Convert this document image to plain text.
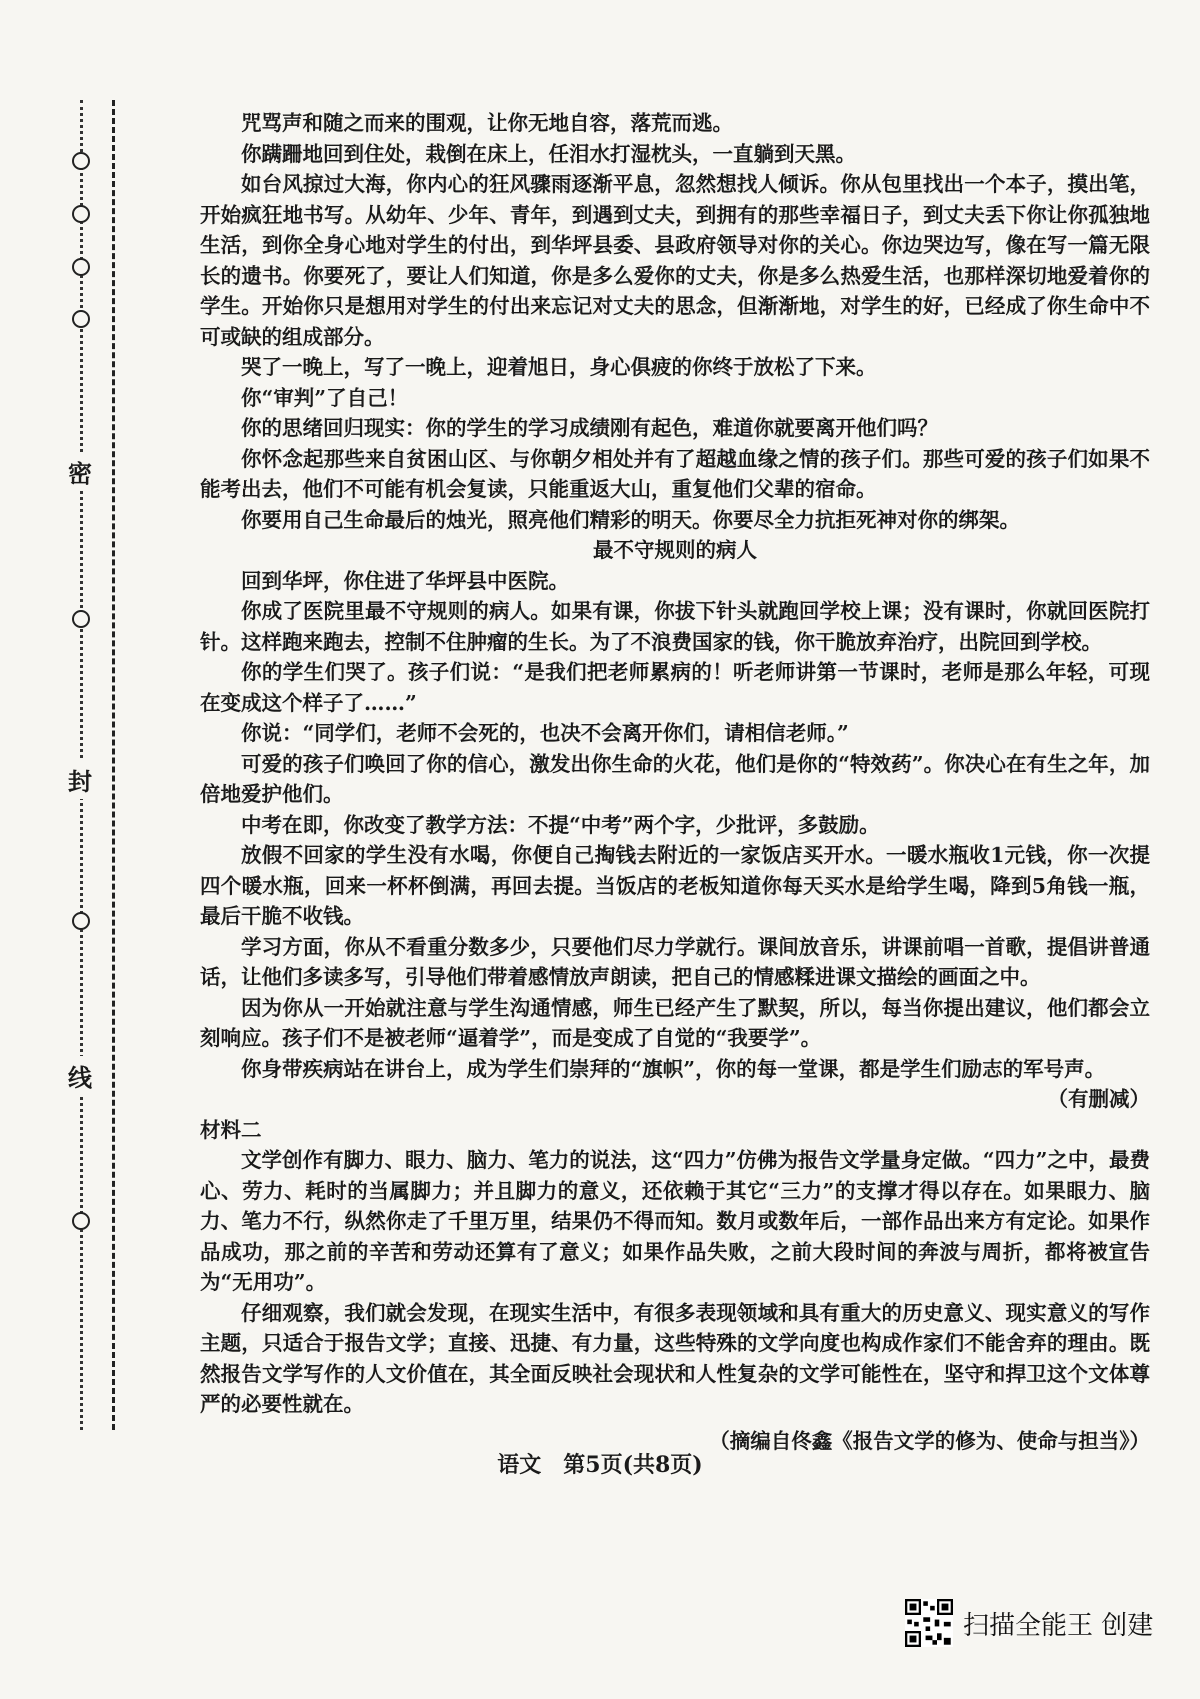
密
封
线

咒骂声和随之而来的围观，让你无地自容，落荒而逃。

你蹒跚地回到住处，栽倒在床上，任泪水打湿枕头，一直躺到天黑。

如台风掠过大海，你内心的狂风骤雨逐渐平息，忽然想找人倾诉。你从包里找出一个本子，摸出笔，开始疯狂地书写。从幼年、少年、青年，到遇到丈夫，到拥有的那些幸福日子，到丈夫丢下你让你孤独地生活，到你全身心地对学生的付出，到华坪县委、县政府领导对你的关心。你边哭边写，像在写一篇无限长的遗书。你要死了，要让人们知道，你是多么爱你的丈夫，你是多么热爱生活，也那样深切地爱着你的学生。开始你只是想用对学生的付出来忘记对丈夫的思念，但渐渐地，对学生的好，已经成了你生命中不可或缺的组成部分。

哭了一晚上，写了一晚上，迎着旭日，身心俱疲的你终于放松了下来。

你“审判”了自己！

你的思绪回归现实：你的学生的学习成绩刚有起色，难道你就要离开他们吗？

你怀念起那些来自贫困山区、与你朝夕相处并有了超越血缘之情的孩子们。那些可爱的孩子们如果不能考出去，他们不可能有机会复读，只能重返大山，重复他们父辈的宿命。

你要用自己生命最后的烛光，照亮他们精彩的明天。你要尽全力抗拒死神对你的绑架。

最不守规则的病人

回到华坪，你住进了华坪县中医院。

你成了医院里最不守规则的病人。如果有课，你拔下针头就跑回学校上课；没有课时，你就回医院打针。这样跑来跑去，控制不住肿瘤的生长。为了不浪费国家的钱，你干脆放弃治疗，出院回到学校。

你的学生们哭了。孩子们说：“是我们把老师累病的！听老师讲第一节课时，老师是那么年轻，可现在变成这个样子了……”

你说：“同学们，老师不会死的，也决不会离开你们，请相信老师。”

可爱的孩子们唤回了你的信心，激发出你生命的火花，他们是你的“特效药”。你决心在有生之年，加倍地爱护他们。

中考在即，你改变了教学方法：不提“中考”两个字，少批评，多鼓励。

放假不回家的学生没有水喝，你便自己掏钱去附近的一家饭店买开水。一暖水瓶收1元钱，你一次提四个暖水瓶，回来一杯杯倒满，再回去提。当饭店的老板知道你每天买水是给学生喝，降到5角钱一瓶，最后干脆不收钱。

学习方面，你从不看重分数多少，只要他们尽力学就行。课间放音乐，讲课前唱一首歌，提倡讲普通话，让他们多读多写，引导他们带着感情放声朗读，把自己的情感糅进课文描绘的画面之中。

因为你从一开始就注意与学生沟通情感，师生已经产生了默契，所以，每当你提出建议，他们都会立刻响应。孩子们不是被老师“逼着学”，而是变成了自觉的“我要学”。

你身带疾病站在讲台上，成为学生们崇拜的“旗帜”，你的每一堂课，都是学生们励志的军号声。

（有删减）

材料二

文学创作有脚力、眼力、脑力、笔力的说法，这“四力”仿佛为报告文学量身定做。“四力”之中，最费心、劳力、耗时的当属脚力；并且脚力的意义，还依赖于其它“三力”的支撑才得以存在。如果眼力、脑力、笔力不行，纵然你走了千里万里，结果仍不得而知。数月或数年后，一部作品出来方有定论。如果作品成功，那之前的辛苦和劳动还算有了意义；如果作品失败，之前大段时间的奔波与周折，都将被宣告为“无用功”。

仔细观察，我们就会发现，在现实生活中，有很多表现领域和具有重大的历史意义、现实意义的写作主题，只适合于报告文学；直接、迅捷、有力量，这些特殊的文学向度也构成作家们不能舍弃的理由。既然报告文学写作的人文价值在，其全面反映社会现状和人性复杂的文学可能性在，坚守和捍卫这个文体尊严的必要性就在。

（摘编自佟鑫《报告文学的修为、使命与担当》）

语文　第5页(共8页)
扫描全能王 创建
